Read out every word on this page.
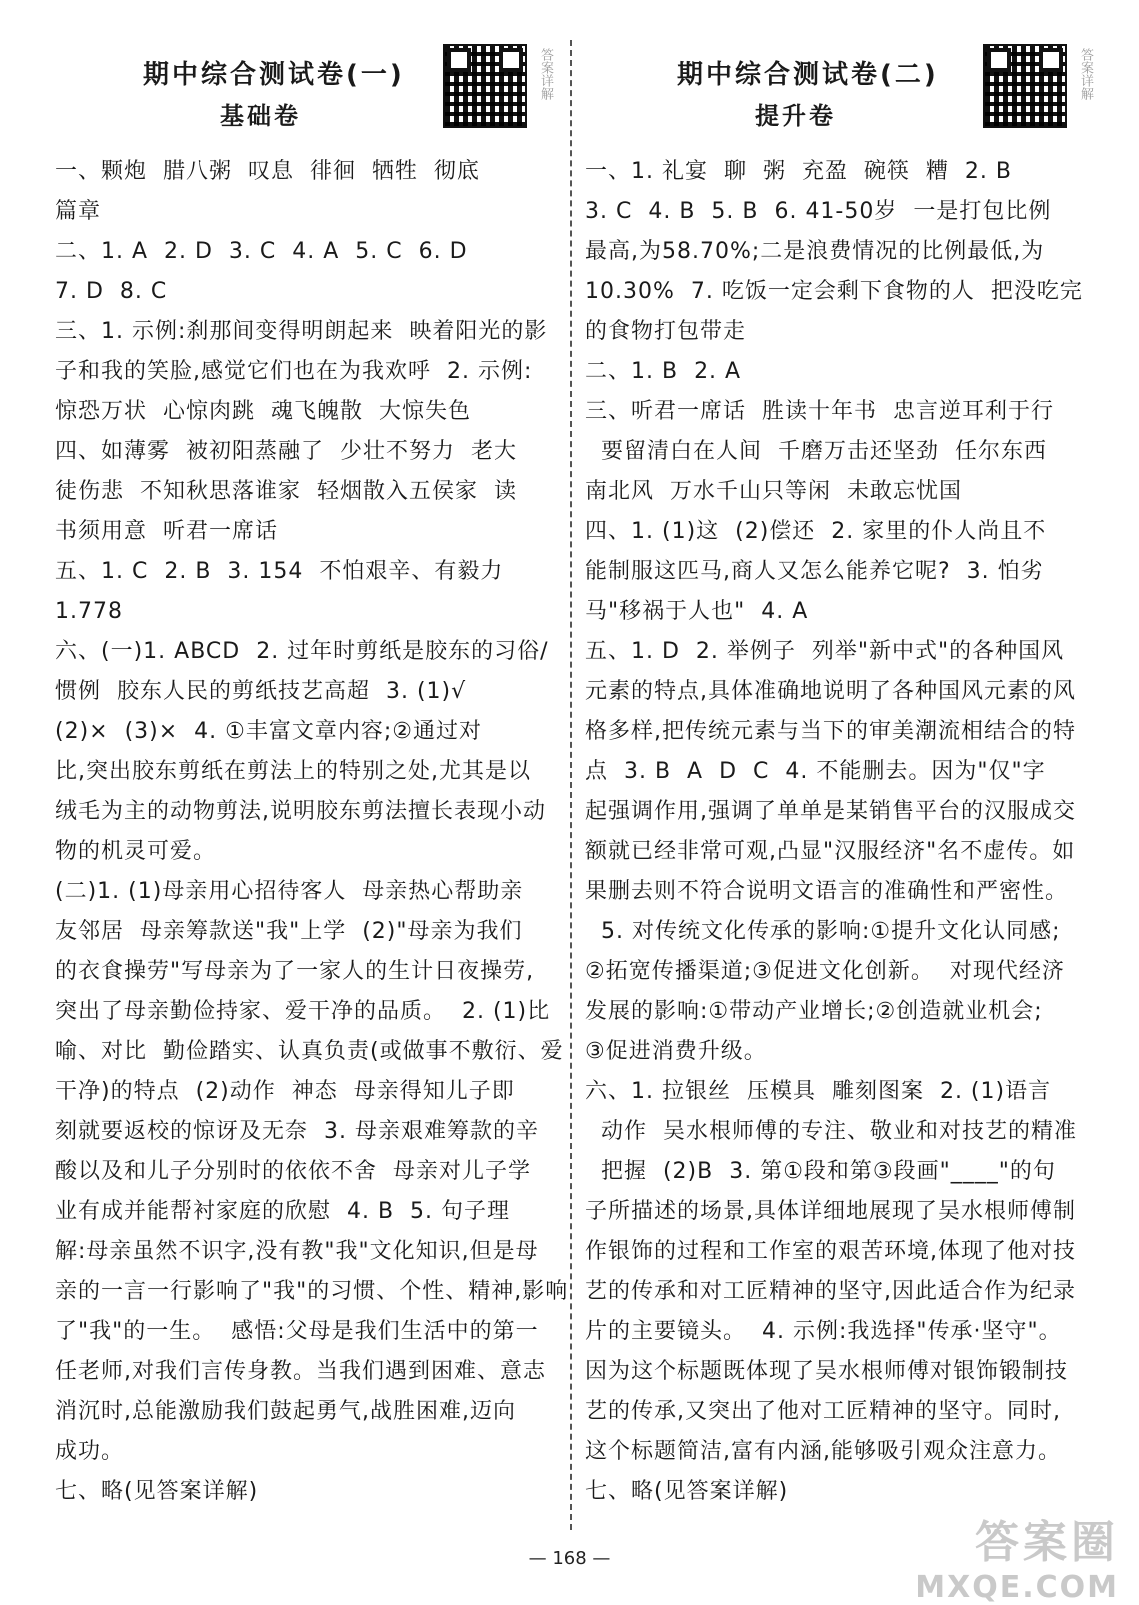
期中综合测试卷(一)
基础卷
答案详解
一、颗炮  腊八粥  叹息  徘徊  牺牲  彻底
篇章
二、1. A  2. D  3. C  4. A  5. C  6. D
7. D  8. C
三、1. 示例:刹那间变得明朗起来  映着阳光的影
子和我的笑脸,感觉它们也在为我欢呼  2. 示例:
惊恐万状  心惊肉跳  魂飞魄散  大惊失色
四、如薄雾  被初阳蒸融了  少壮不努力  老大
徒伤悲  不知秋思落谁家  轻烟散入五侯家  读
书须用意  听君一席话
五、1. C  2. B  3. 154  不怕艰辛、有毅力
1.778
六、(一)1. ABCD  2. 过年时剪纸是胶东的习俗/
惯例  胶东人民的剪纸技艺高超  3. (1)√
(2)×  (3)×  4. ①丰富文章内容;②通过对
比,突出胶东剪纸在剪法上的特别之处,尤其是以
绒毛为主的动物剪法,说明胶东剪法擅长表现小动
物的机灵可爱。
(二)1. (1)母亲用心招待客人  母亲热心帮助亲
友邻居  母亲筹款送"我"上学  (2)"母亲为我们
的衣食操劳"写母亲为了一家人的生计日夜操劳,
突出了母亲勤俭持家、爱干净的品质。  2. (1)比
喻、对比  勤俭踏实、认真负责(或做事不敷衍、爱
干净)的特点  (2)动作  神态  母亲得知儿子即
刻就要返校的惊讶及无奈  3. 母亲艰难筹款的辛
酸以及和儿子分别时的依依不舍  母亲对儿子学
业有成并能帮衬家庭的欣慰  4. B  5. 句子理
解:母亲虽然不识字,没有教"我"文化知识,但是母
亲的一言一行影响了"我"的习惯、个性、精神,影响
了"我"的一生。  感悟:父母是我们生活中的第一
任老师,对我们言传身教。当我们遇到困难、意志
消沉时,总能激励我们鼓起勇气,战胜困难,迈向
成功。
七、略(见答案详解)
期中综合测试卷(二)
提升卷
答案详解
一、1. 礼宴  聊  粥  充盈  碗筷  糟  2. B
3. C  4. B  5. B  6. 41-50岁  一是打包比例
最高,为58.70%;二是浪费情况的比例最低,为
10.30%  7. 吃饭一定会剩下食物的人  把没吃完
的食物打包带走
二、1. B  2. A
三、听君一席话  胜读十年书  忠言逆耳利于行
要留清白在人间  千磨万击还坚劲  任尔东西
南北风  万水千山只等闲  未敢忘忧国
四、1. (1)这  (2)偿还  2. 家里的仆人尚且不
能制服这匹马,商人又怎么能养它呢?  3. 怕劣
马"移祸于人也"  4. A
五、1. D  2. 举例子  列举"新中式"的各种国风
元素的特点,具体准确地说明了各种国风元素的风
格多样,把传统元素与当下的审美潮流相结合的特
点  3. B  A  D  C  4. 不能删去。因为"仅"字
起强调作用,强调了单单是某销售平台的汉服成交
额就已经非常可观,凸显"汉服经济"名不虚传。如
果删去则不符合说明文语言的准确性和严密性。
5. 对传统文化传承的影响:①提升文化认同感;
②拓宽传播渠道;③促进文化创新。  对现代经济
发展的影响:①带动产业增长;②创造就业机会;
③促进消费升级。
六、1. 拉银丝  压模具  雕刻图案  2. (1)语言
动作  吴水根师傅的专注、敬业和对技艺的精准
把握  (2)B  3. 第①段和第③段画"____"的句
子所描述的场景,具体详细地展现了吴水根师傅制
作银饰的过程和工作室的艰苦环境,体现了他对技
艺的传承和对工匠精神的坚守,因此适合作为纪录
片的主要镜头。  4. 示例:我选择"传承·坚守"。
因为这个标题既体现了吴水根师傅对银饰锻制技
艺的传承,又突出了他对工匠精神的坚守。同时,
这个标题简洁,富有内涵,能够吸引观众注意力。
七、略(见答案详解)
— 168 —	答案圈
MXQE.COM
